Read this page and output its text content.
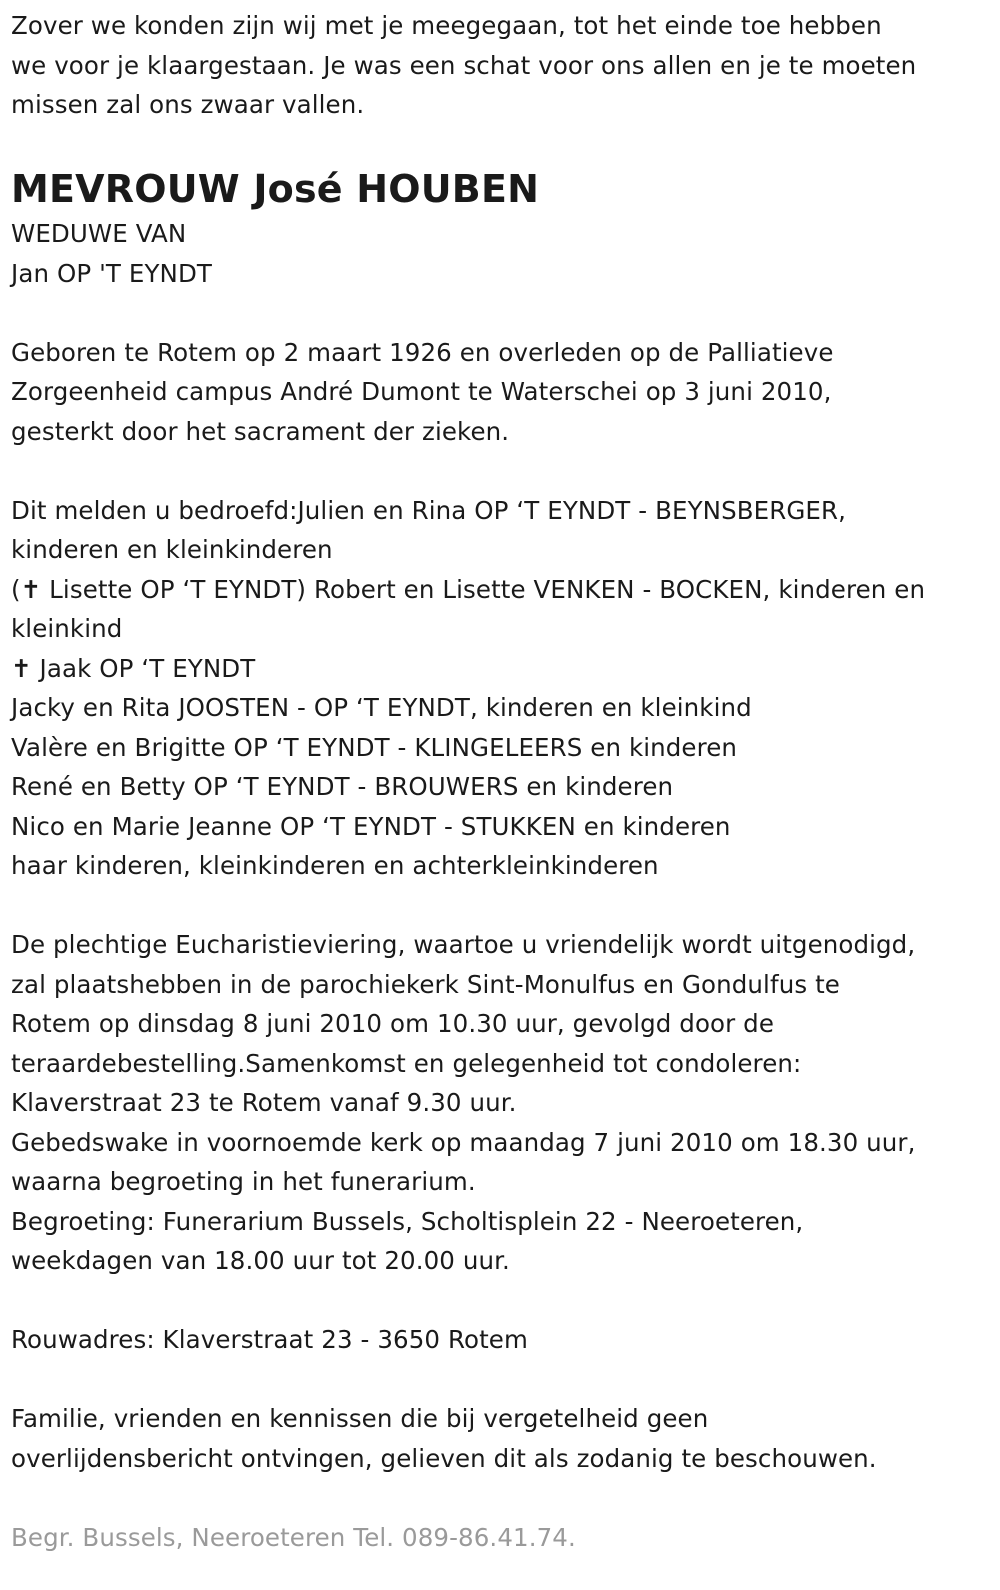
Zover we konden zijn wij met je meegegaan, tot het einde toe hebben
we voor je klaargestaan. Je was een schat voor ons allen en je te moeten
missen zal ons zwaar vallen.
MEVROUW José HOUBEN
WEDUWE VAN
Jan OP 'T EYNDT
Geboren te Rotem op 2 maart 1926 en overleden op de Palliatieve
Zorgeenheid campus André Dumont te Waterschei op 3 juni 2010,
gesterkt door het sacrament der zieken.
Dit melden u bedroefd:Julien en Rina OP ‘T EYNDT - BEYNSBERGER,
kinderen en kleinkinderen
(✝ Lisette OP ‘T EYNDT) Robert en Lisette VENKEN - BOCKEN, kinderen en
kleinkind
✝ Jaak OP ‘T EYNDT
Jacky en Rita JOOSTEN - OP ‘T EYNDT, kinderen en kleinkind
Valère en Brigitte OP ‘T EYNDT - KLINGELEERS en kinderen
René en Betty OP ‘T EYNDT - BROUWERS en kinderen
Nico en Marie Jeanne OP ‘T EYNDT - STUKKEN en kinderen
haar kinderen, kleinkinderen en achterkleinkinderen
De plechtige Eucharistieviering, waartoe u vriendelijk wordt uitgenodigd,
zal plaatshebben in de parochiekerk Sint-Monulfus en Gondulfus te
Rotem op dinsdag 8 juni 2010 om 10.30 uur, gevolgd door de
teraardebestelling.Samenkomst en gelegenheid tot condoleren:
Klaverstraat 23 te Rotem vanaf 9.30 uur.
Gebedswake in voornoemde kerk op maandag 7 juni 2010 om 18.30 uur,
waarna begroeting in het funerarium.
Begroeting: Funerarium Bussels, Scholtisplein 22 - Neeroeteren,
weekdagen van 18.00 uur tot 20.00 uur.
Rouwadres: Klaverstraat 23 - 3650 Rotem
Familie, vrienden en kennissen die bij vergetelheid geen
overlijdensbericht ontvingen, gelieven dit als zodanig te beschouwen.
Begr. Bussels, Neeroeteren Tel. 089-86.41.74.
